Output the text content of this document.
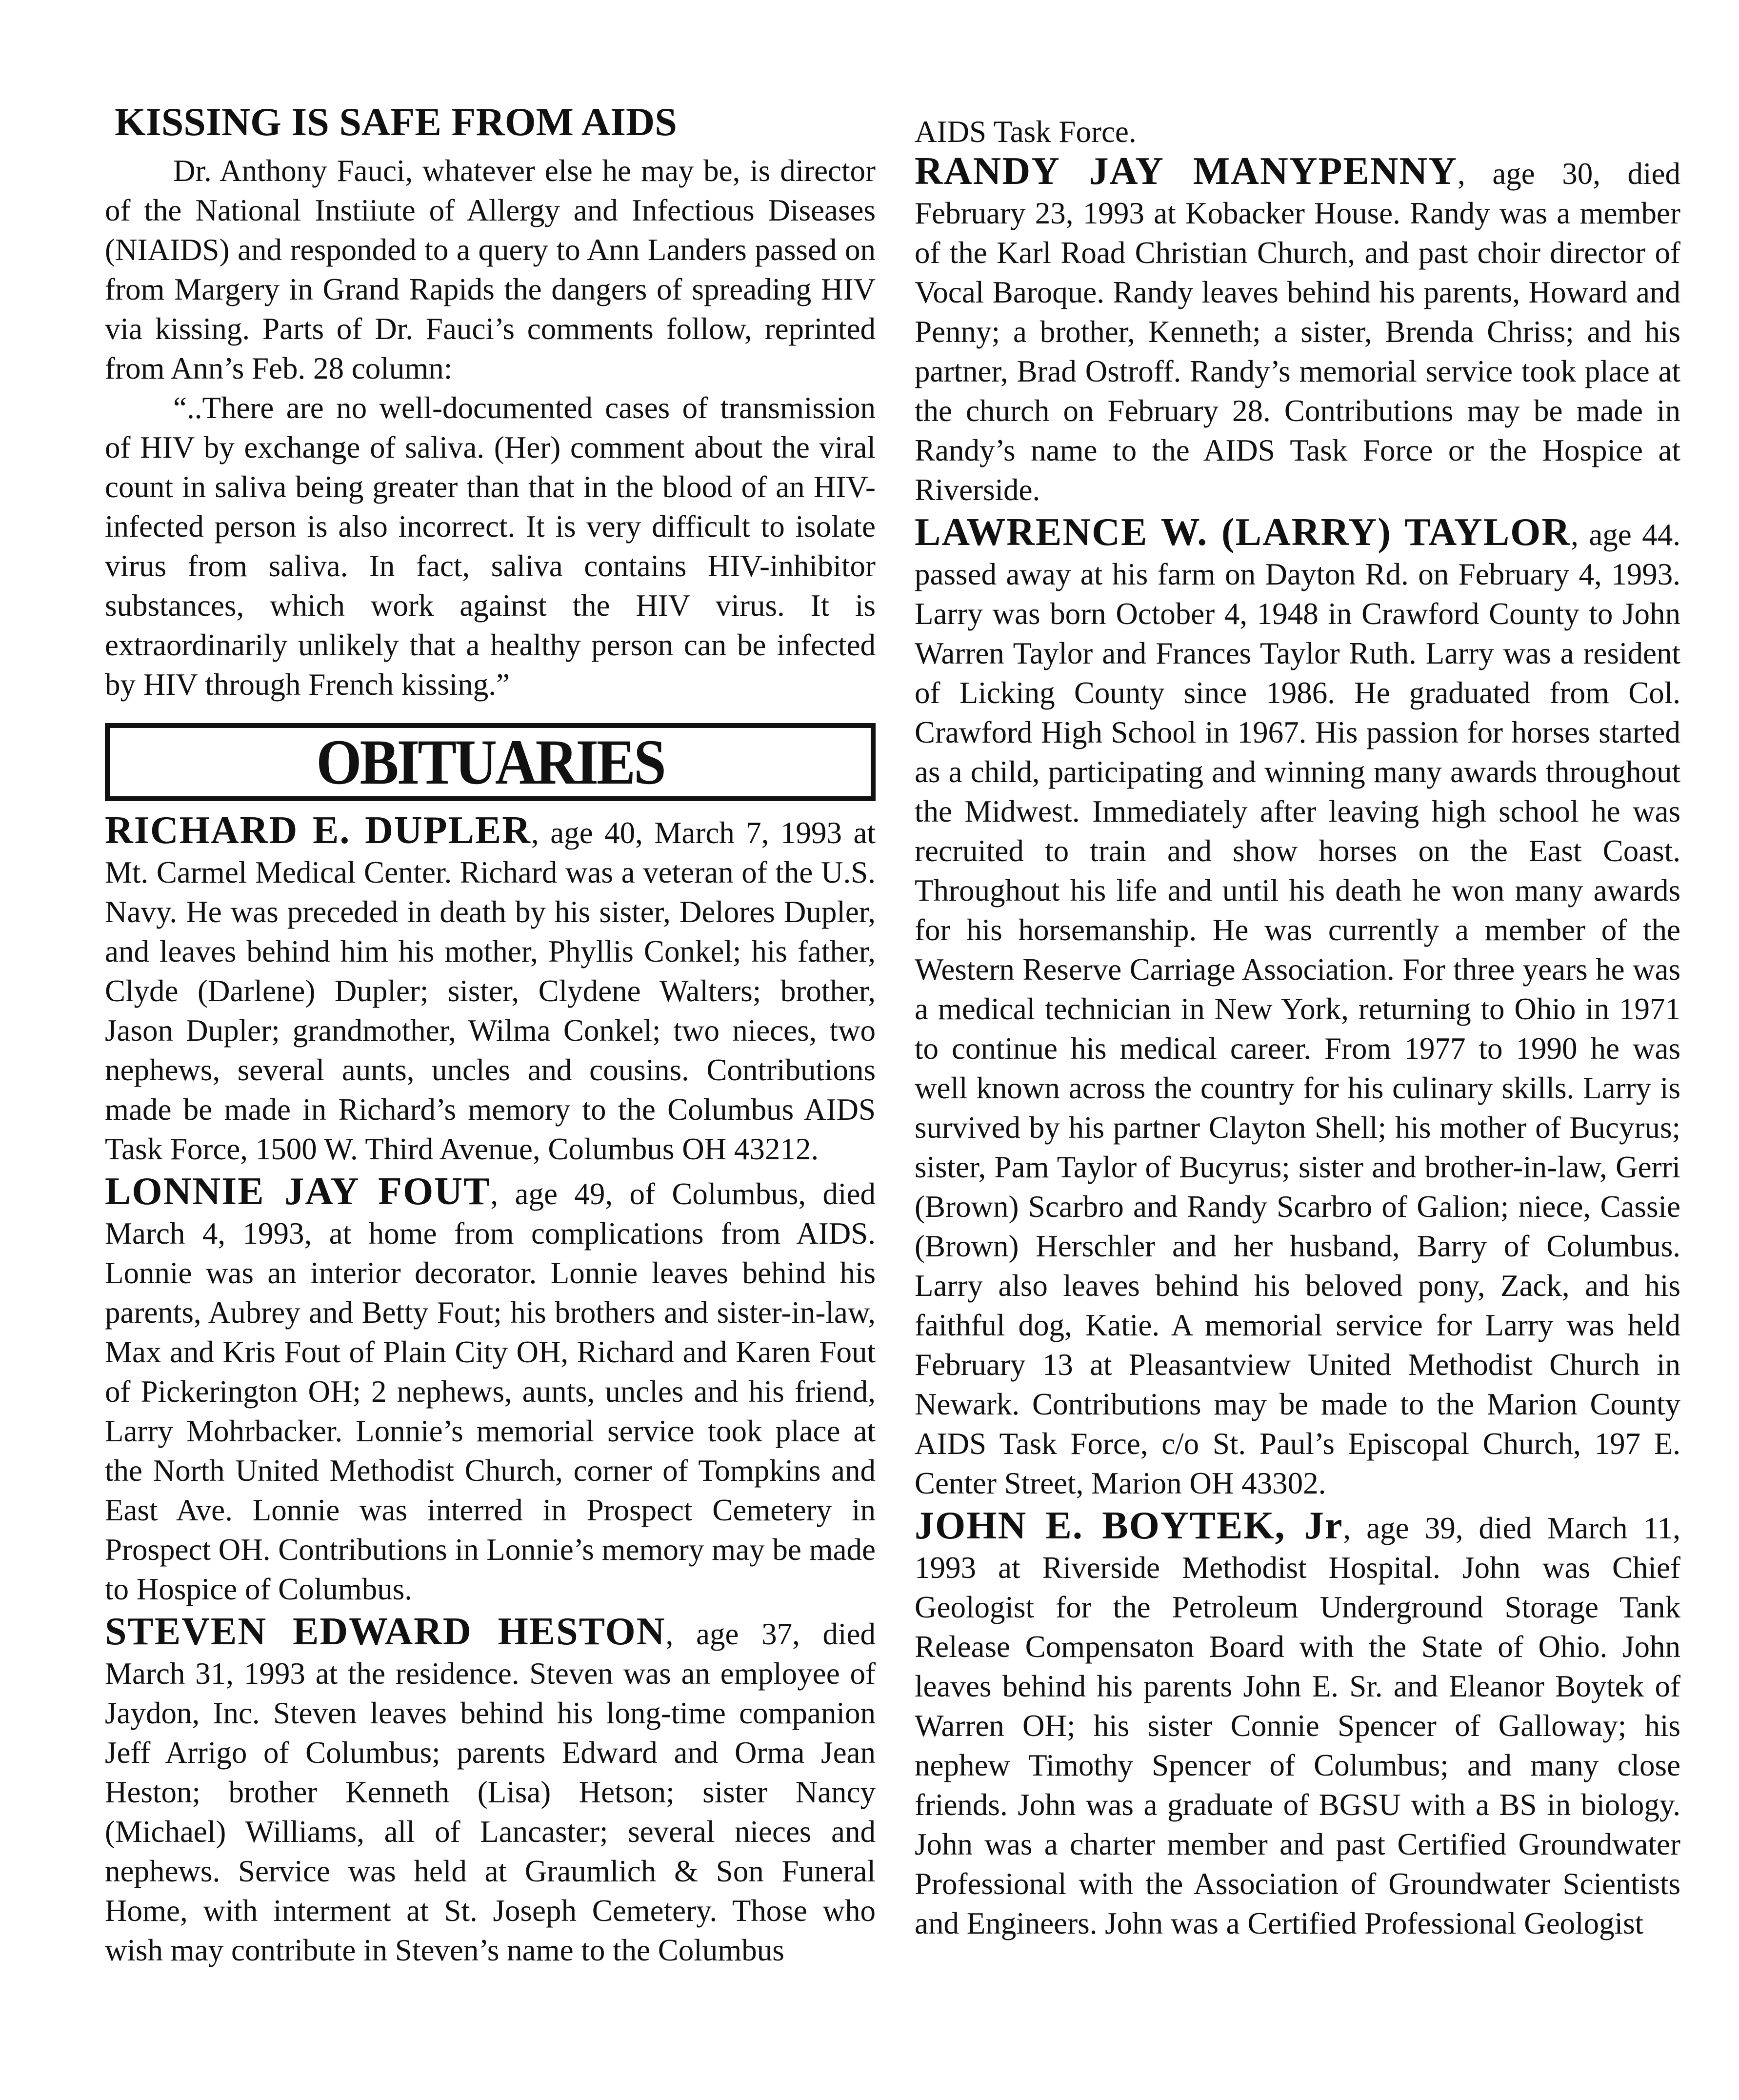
KISSING IS SAFE FROM AIDS

Dr. Anthony Fauci, whatever else he may be, is director of the National Instiiute of Allergy and Infectious Diseases (NIAIDS) and responded to a query to Ann Landers passed on from Margery in Grand Rapids the dangers of spreading HIV via kissing. Parts of Dr. Fauci’s comments follow, reprinted from Ann’s Feb. 28 column:

“..There are no well-documented cases of transmission of HIV by exchange of saliva. (Her) comment about the viral count in saliva being greater than that in the blood of an HIV-infected person is also incorrect. It is very difficult to isolate virus from saliva. In fact, saliva contains HIV-inhibitor substances, which work against the HIV virus. It is extraordinarily unlikely that a healthy person can be infected by HIV through French kissing.”

OBITUARIES

RICHARD E. DUPLER, age 40, March 7, 1993 at Mt. Carmel Medical Center. Richard was a veteran of the U.S. Navy. He was preceded in death by his sister, Delores Dupler, and leaves behind him his mother, Phyllis Conkel; his father, Clyde (Darlene) Dupler; sister, Clydene Walters; brother, Jason Dupler; grandmother, Wilma Conkel; two nieces, two nephews, several aunts, uncles and cousins. Contributions made be made in Richard’s memory to the Columbus AIDS Task Force, 1500 W. Third Avenue, Columbus OH 43212.

LONNIE JAY FOUT, age 49, of Columbus, died March 4, 1993, at home from complications from AIDS. Lonnie was an interior decorator. Lonnie leaves behind his parents, Aubrey and Betty Fout; his brothers and sister-in-law, Max and Kris Fout of Plain City OH, Richard and Karen Fout of Pickerington OH; 2 nephews, aunts, uncles and his friend, Larry Mohrbacker. Lonnie’s memorial service took place at the North United Methodist Church, corner of Tompkins and East Ave. Lonnie was interred in Prospect Cemetery in Prospect OH. Contributions in Lonnie’s memory may be made to Hospice of Columbus.

STEVEN EDWARD HESTON, age 37, died March 31, 1993 at the residence. Steven was an employee of Jaydon, Inc. Steven leaves behind his long-time companion Jeff Arrigo of Columbus; parents Edward and Orma Jean Heston; brother Kenneth (Lisa) Hetson; sister Nancy (Michael) Williams, all of Lancaster; several nieces and nephews. Service was held at Graumlich & Son Funeral Home, with interment at St. Joseph Cemetery. Those who wish may contribute in Steven’s name to the Columbus

AIDS Task Force.

RANDY JAY MANYPENNY, age 30, died February 23, 1993 at Kobacker House. Randy was a member of the Karl Road Christian Church, and past choir director of Vocal Baroque. Randy leaves behind his parents, Howard and Penny; a brother, Kenneth; a sister, Brenda Chriss; and his partner, Brad Ostroff. Randy’s memorial service took place at the church on February 28. Contributions may be made in Randy’s name to the AIDS Task Force or the Hospice at Riverside.

LAWRENCE W. (LARRY) TAYLOR, age 44. passed away at his farm on Dayton Rd. on February 4, 1993. Larry was born October 4, 1948 in Crawford County to John Warren Taylor and Frances Taylor Ruth. Larry was a resident of Licking County since 1986. He graduated from Col. Crawford High School in 1967. His passion for horses started as a child, participating and winning many awards throughout the Midwest. Immediately after leaving high school he was recruited to train and show horses on the East Coast. Throughout his life and until his death he won many awards for his horsemanship. He was currently a member of the Western Reserve Carriage Association. For three years he was a medical technician in New York, returning to Ohio in 1971 to continue his medical career. From 1977 to 1990 he was well known across the country for his culinary skills. Larry is survived by his partner Clayton Shell; his mother of Bucyrus; sister, Pam Taylor of Bucyrus; sister and brother-in-law, Gerri (Brown) Scarbro and Randy Scarbro of Galion; niece, Cassie (Brown) Herschler and her husband, Barry of Columbus. Larry also leaves behind his beloved pony, Zack, and his faithful dog, Katie. A memorial service for Larry was held February 13 at Pleasantview United Methodist Church in Newark. Contributions may be made to the Marion County AIDS Task Force, c/o St. Paul’s Episcopal Church, 197 E. Center Street, Marion OH 43302.

JOHN E. BOYTEK, Jr, age 39, died March 11, 1993 at Riverside Methodist Hospital. John was Chief Geologist for the Petroleum Underground Storage Tank Release Compensaton Board with the State of Ohio. John leaves behind his parents John E. Sr. and Eleanor Boytek of Warren OH; his sister Connie Spencer of Galloway; his nephew Timothy Spencer of Columbus; and many close friends. John was a graduate of BGSU with a BS in biology. John was a charter member and past Certified Groundwater Professional with the Association of Groundwater Scientists and Engineers. John was a Certified Professional Geologist
